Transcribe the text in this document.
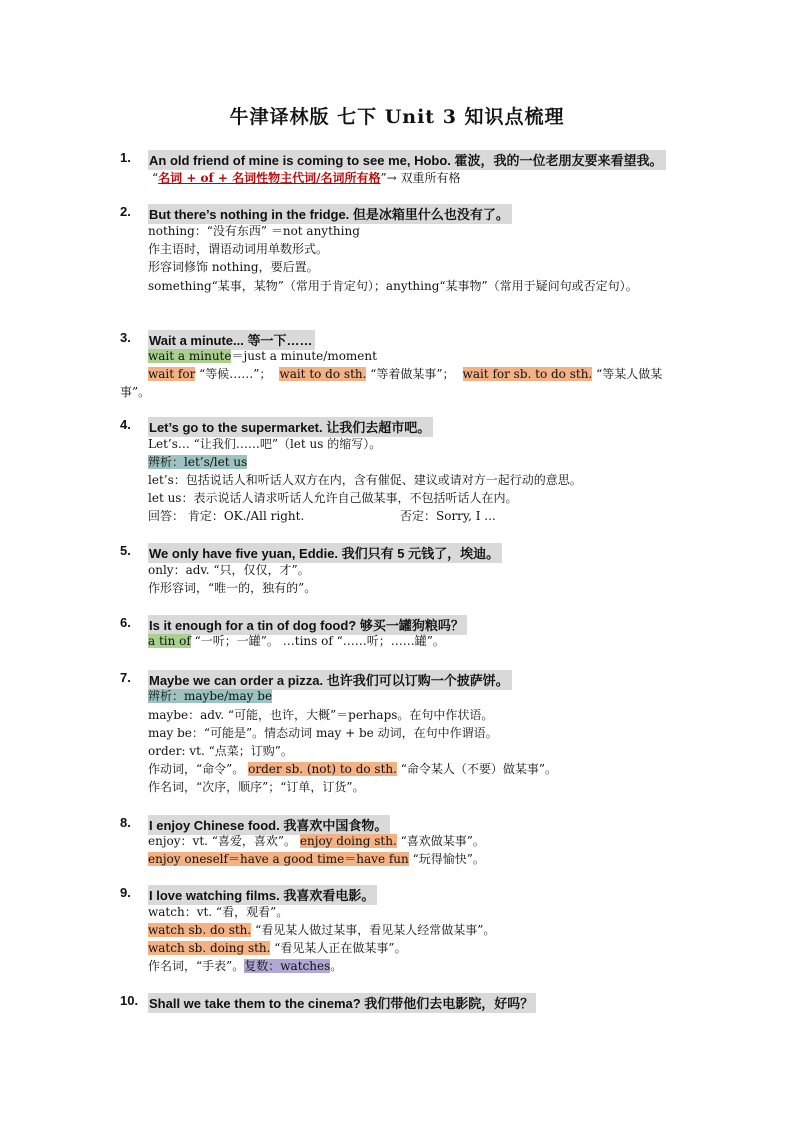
牛津译林版 七下 Unit 3 知识点梳理
1. An old friend of mine is coming to see me, Hobo. 霍波，我的一位老朋友要来看望我。
“名词 + of + 名词性物主代词/名词所有格”→ 双重所有格
2. But there’s nothing in the fridge. 但是冰箱里什么也没有了。
nothing：“没有东西” ＝not anything
作主语时，谓语动词用单数形式。
形容词修饰 nothing，要后置。
something“某事，某物”（常用于肯定句）；anything“某事物”（常用于疑问句或否定句）。
3. Wait a minute... 等一下……
wait a minute＝just a minute/moment
wait for “等候……”； wait to do sth. “等着做某事”； wait for sb. to do sth. “等某人做某事”。
4. Let’s go to the supermarket. 让我们去超市吧。
Let’s… “让我们……吧”（let us 的缩写）。
辨析：let’s/let us
let’s：包括说话人和听话人双方在内，含有催促、建议或请对方一起行动的意思。
let us：表示说话人请求听话人允许自己做某事，不包括听话人在内。
回答： 肯定：OK./All right.	否定：Sorry, I ...
5. We only have five yuan, Eddie. 我们只有 5 元钱了，埃迪。
only：adv. “只，仅仅，才”。
作形容词，“唯一的，独有的”。
6. Is it enough for a tin of dog food? 够买一罐狗粮吗？
a tin of “一听；一罐”。 …tins of “……听；……罐”。
7. Maybe we can order a pizza. 也许我们可以订购一个披萨饼。
辨析：maybe/may be
maybe：adv. “可能，也许，大概”＝perhaps。在句中作状语。
may be：“可能是”。情态动词 may + be 动词，在句中作谓语。
order: vt. “点菜；订购”。
作动词，“命令”。 order sb. (not) to do sth. “命令某人（不要）做某事”。
作名词，“次序，顺序”；“订单，订货”。
8. I enjoy Chinese food. 我喜欢中国食物。
enjoy：vt. “喜爱，喜欢”。 enjoy doing sth. “喜欢做某事”。
enjoy oneself＝have a good time＝have fun “玩得愉快”。
9. I love watching films. 我喜欢看电影。
watch：vt. “看，观看”。
watch sb. do sth. “看见某人做过某事，看见某人经常做某事”。
watch sb. doing sth. “看见某人正在做某事”。
作名词，“手表”。复数：watches。
10. Shall we take them to the cinema? 我们带他们去电影院，好吗？
